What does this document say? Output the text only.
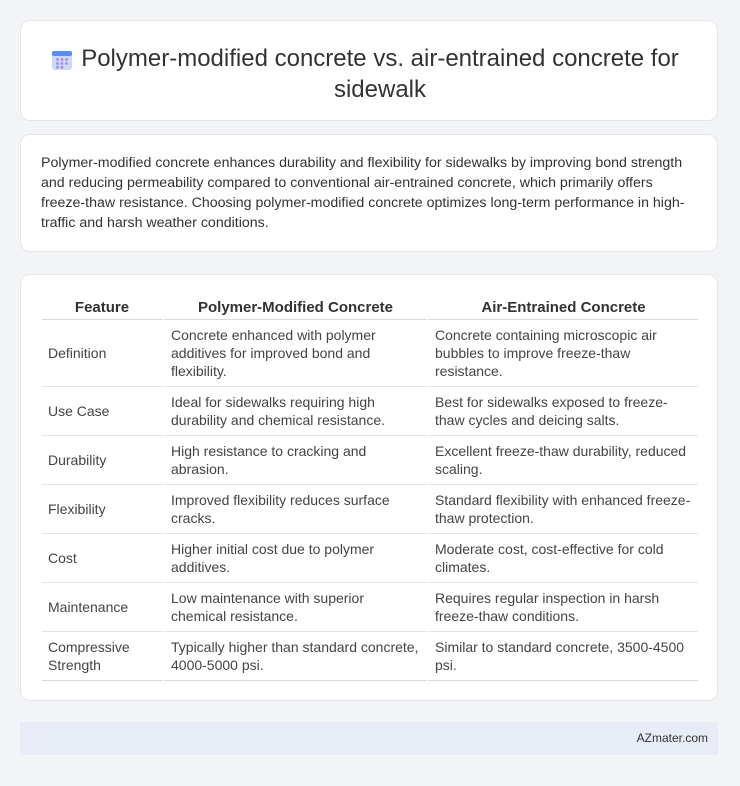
Polymer-modified concrete vs. air-entrained concrete for sidewalk

Polymer-modified concrete enhances durability and flexibility for sidewalks by improving bond strength and reducing permeability compared to conventional air-entrained concrete, which primarily offers freeze-thaw resistance. Choosing polymer-modified concrete optimizes long-term performance in high-traffic and harsh weather conditions.

Feature	Polymer-Modified Concrete	Air-Entrained Concrete
Definition	Concrete enhanced with polymer additives for improved bond and flexibility.	Concrete containing microscopic air bubbles to improve freeze-thaw resistance.
Use Case	Ideal for sidewalks requiring high durability and chemical resistance.	Best for sidewalks exposed to freeze-thaw cycles and deicing salts.
Durability	High resistance to cracking and abrasion.	Excellent freeze-thaw durability, reduced scaling.
Flexibility	Improved flexibility reduces surface cracks.	Standard flexibility with enhanced freeze-thaw protection.
Cost	Higher initial cost due to polymer additives.	Moderate cost, cost-effective for cold climates.
Maintenance	Low maintenance with superior chemical resistance.	Requires regular inspection in harsh freeze-thaw conditions.
Compressive Strength	Typically higher than standard concrete, 4000-5000 psi.	Similar to standard concrete, 3500-4500 psi.
AZmater.com
